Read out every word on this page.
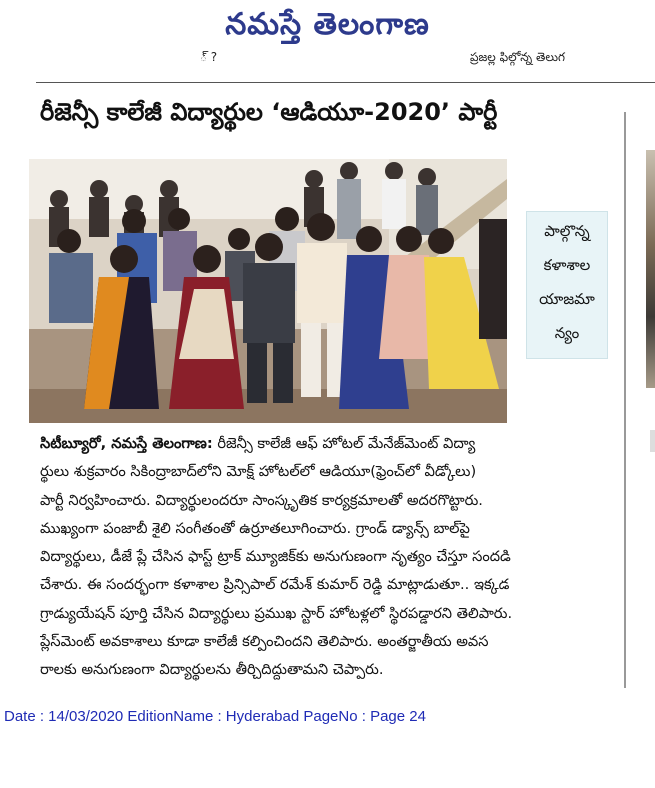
నమస్తే తెలంగాణ
్ ?	ప్రజల్ల ఫిల్గోన్న తెలుగ
రీజెన్సీ కాలేజీ విద్యార్థుల ‘ఆడియూ-2020’ పార్టీ
పాల్గొన్న
కళాశాల
యాజమా
న్యం
సిటీబ్యూరో, నమస్తే తెలంగాణ: రీజెన్సీ కాలేజీ ఆఫ్ హోటల్ మేనేజ్‌మెంట్ విద్యా
ర్థులు శుక్రవారం సికింద్రాబాద్‌లోని మోక్ష్ హోటల్‌లో ఆడియూ(ఫ్రెంచ్‌లో వీడ్కోలు)
పార్టీ నిర్వహించారు. విద్యార్థులందరూ సాంస్కృతిక కార్యక్రమాలతో అదరగొట్టారు.
ముఖ్యంగా పంజాబీ శైలి సంగీతంతో ఉర్రూతలూగించారు. గ్రాండ్ డ్యాన్స్ బాల్‌పై
విద్యార్థులు, డీజే ప్లే చేసిన ఫాస్ట్ ట్రాక్ మ్యూజిక్‌కు అనుగుణంగా నృత్యం చేస్తూ సందడి
చేశారు. ఈ సందర్భంగా కళాశాల ప్రిన్సిపాల్ రమేశ్ కుమార్ రెడ్డి మాట్లాడుతూ.. ఇక్కడ
గ్రాడ్యుయేషన్ పూర్తి చేసిన విద్యార్థులు ప్రముఖ స్టార్ హోటళ్లలో స్థిరపడ్డారని తెలిపారు.
ప్లేస్‌మెంట్ అవకాశాలు కూడా కాలేజీ కల్పించిందని తెలిపారు. అంతర్జాతీయ అవస
రాలకు అనుగుణంగా విద్యార్థులను తీర్చిదిద్దుతామని చెప్పారు.
Date : 14/03/2020 EditionName : Hyderabad PageNo : Page 24
